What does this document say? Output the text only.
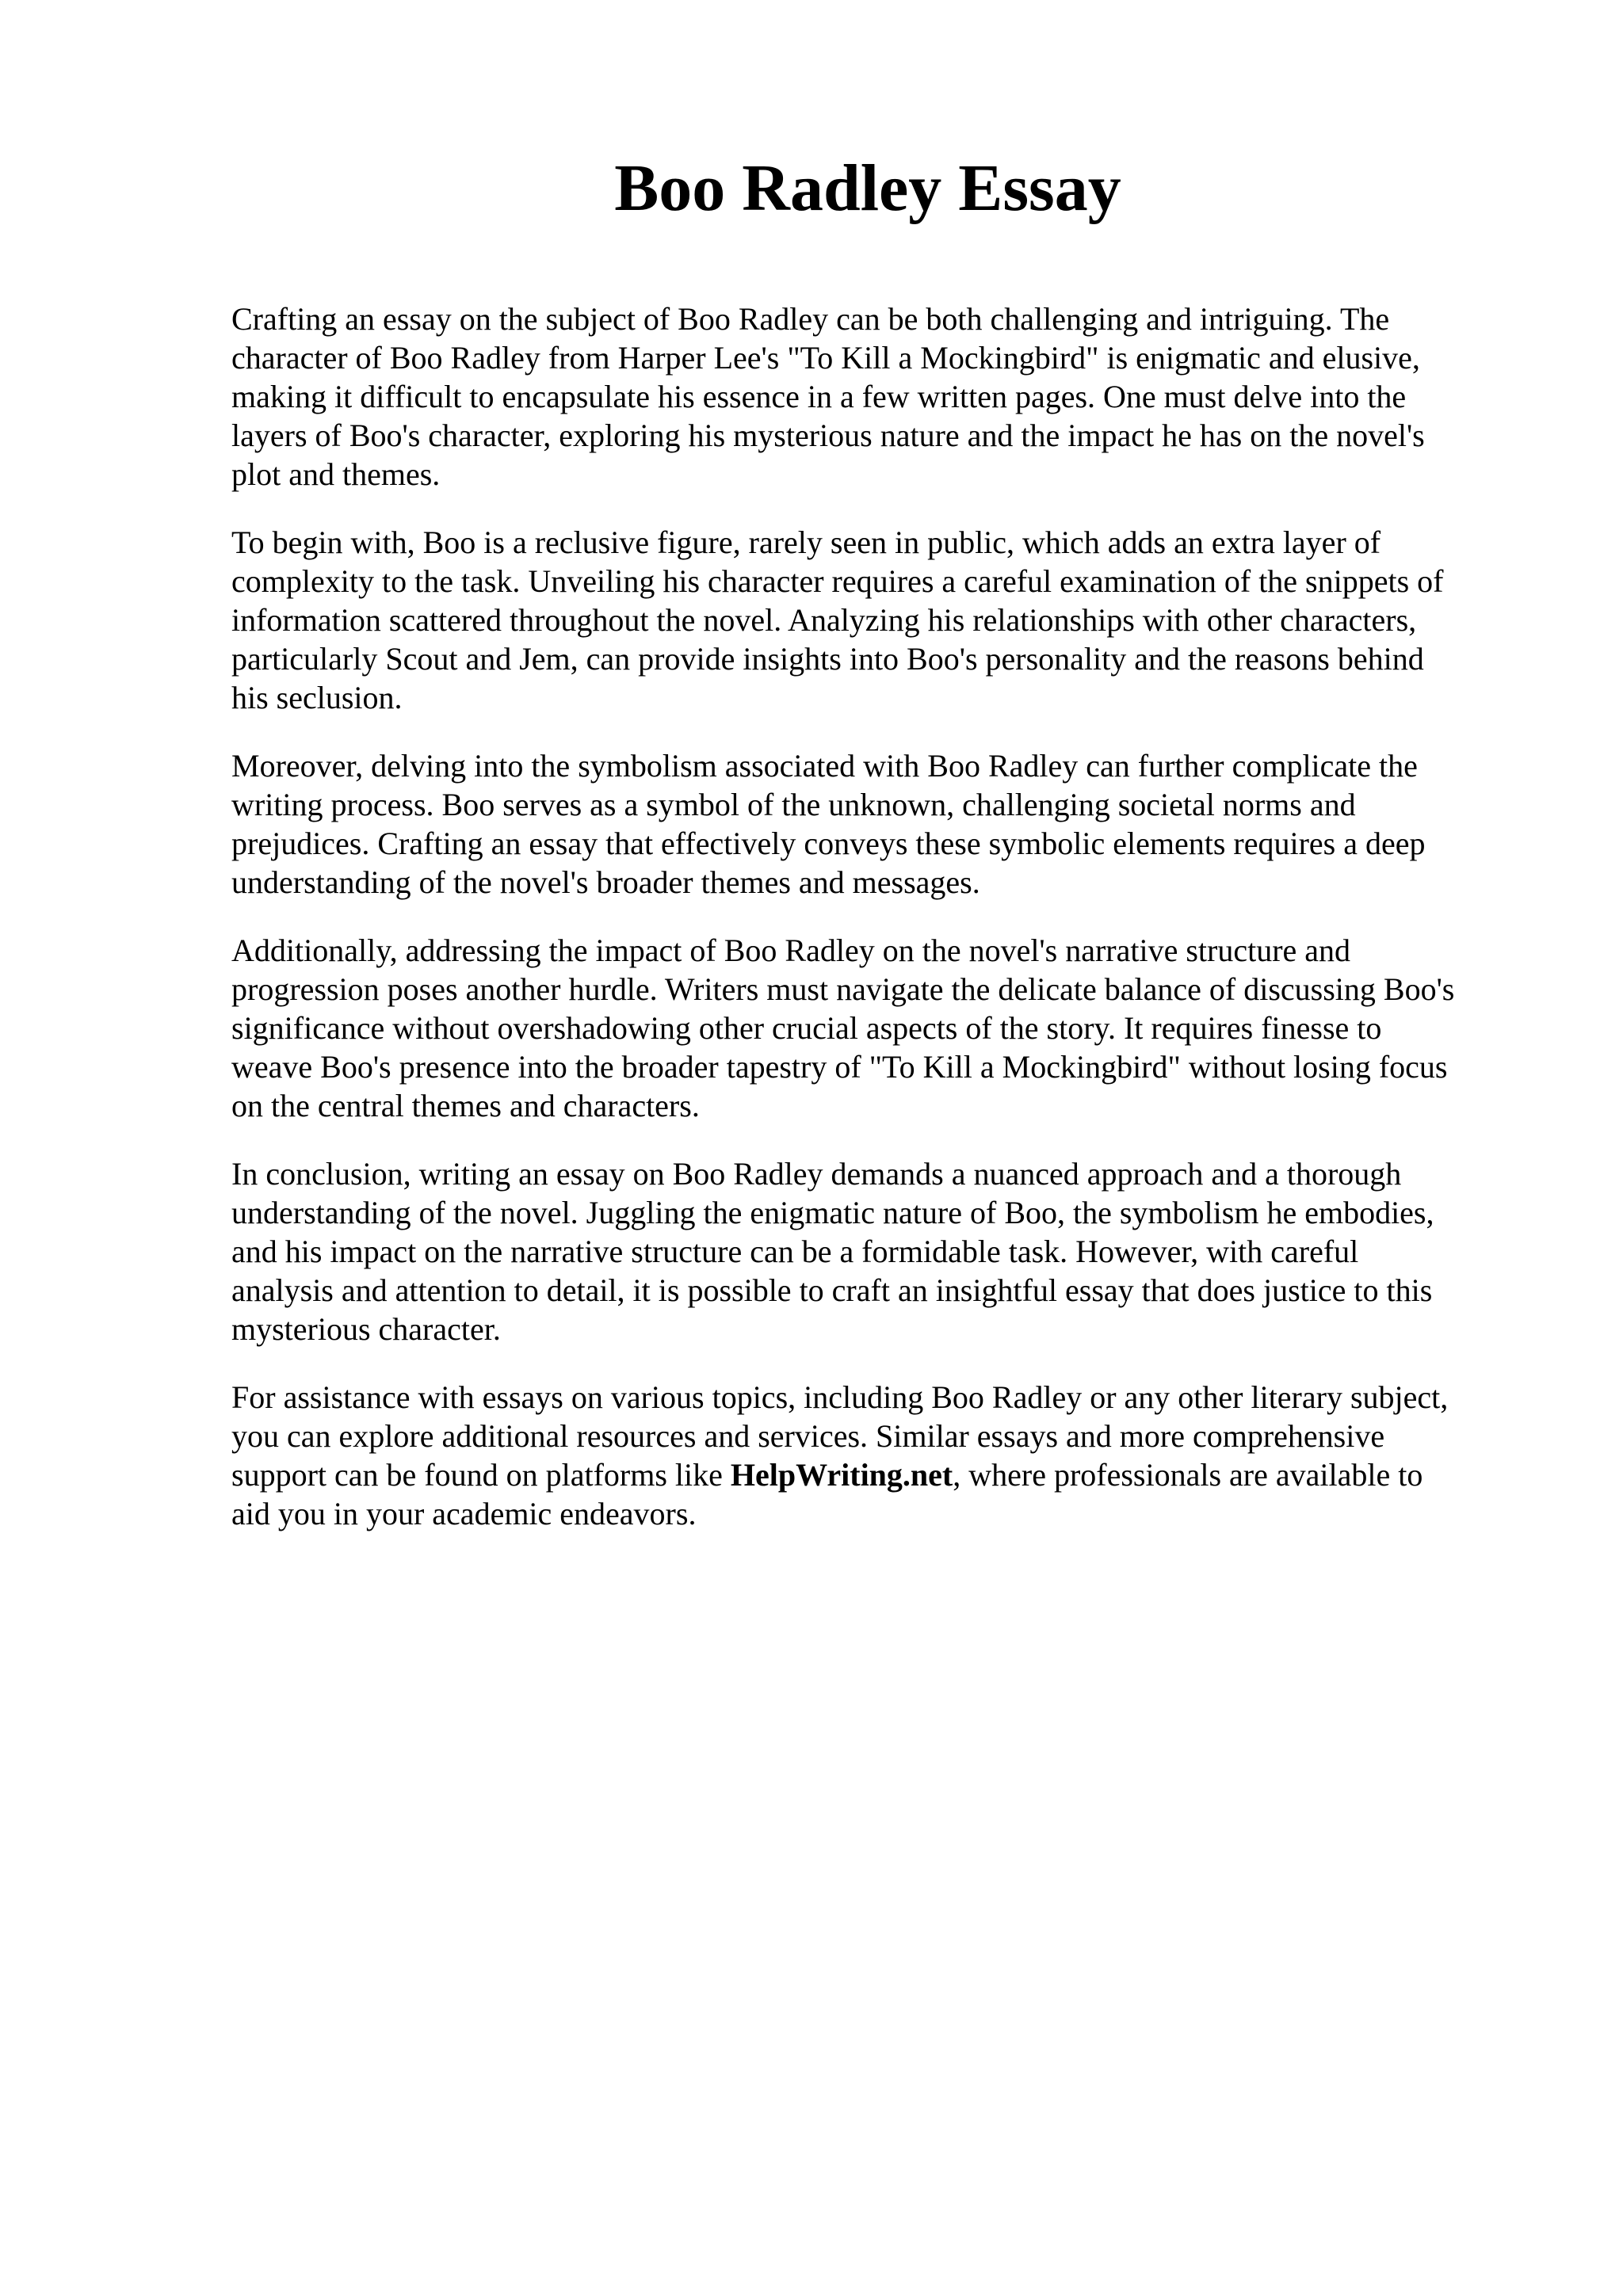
Boo Radley Essay

Crafting an essay on the subject of Boo Radley can be both challenging and intriguing. The
character of Boo Radley from Harper Lee's "To Kill a Mockingbird" is enigmatic and elusive,
making it difficult to encapsulate his essence in a few written pages. One must delve into the
layers of Boo's character, exploring his mysterious nature and the impact he has on the novel's
plot and themes.

To begin with, Boo is a reclusive figure, rarely seen in public, which adds an extra layer of
complexity to the task. Unveiling his character requires a careful examination of the snippets of
information scattered throughout the novel. Analyzing his relationships with other characters,
particularly Scout and Jem, can provide insights into Boo's personality and the reasons behind
his seclusion.

Moreover, delving into the symbolism associated with Boo Radley can further complicate the
writing process. Boo serves as a symbol of the unknown, challenging societal norms and
prejudices. Crafting an essay that effectively conveys these symbolic elements requires a deep
understanding of the novel's broader themes and messages.

Additionally, addressing the impact of Boo Radley on the novel's narrative structure and
progression poses another hurdle. Writers must navigate the delicate balance of discussing Boo's
significance without overshadowing other crucial aspects of the story. It requires finesse to
weave Boo's presence into the broader tapestry of "To Kill a Mockingbird" without losing focus
on the central themes and characters.

In conclusion, writing an essay on Boo Radley demands a nuanced approach and a thorough
understanding of the novel. Juggling the enigmatic nature of Boo, the symbolism he embodies,
and his impact on the narrative structure can be a formidable task. However, with careful
analysis and attention to detail, it is possible to craft an insightful essay that does justice to this
mysterious character.

For assistance with essays on various topics, including Boo Radley or any other literary subject,
you can explore additional resources and services. Similar essays and more comprehensive
support can be found on platforms like HelpWriting.net, where professionals are available to
aid you in your academic endeavors.
